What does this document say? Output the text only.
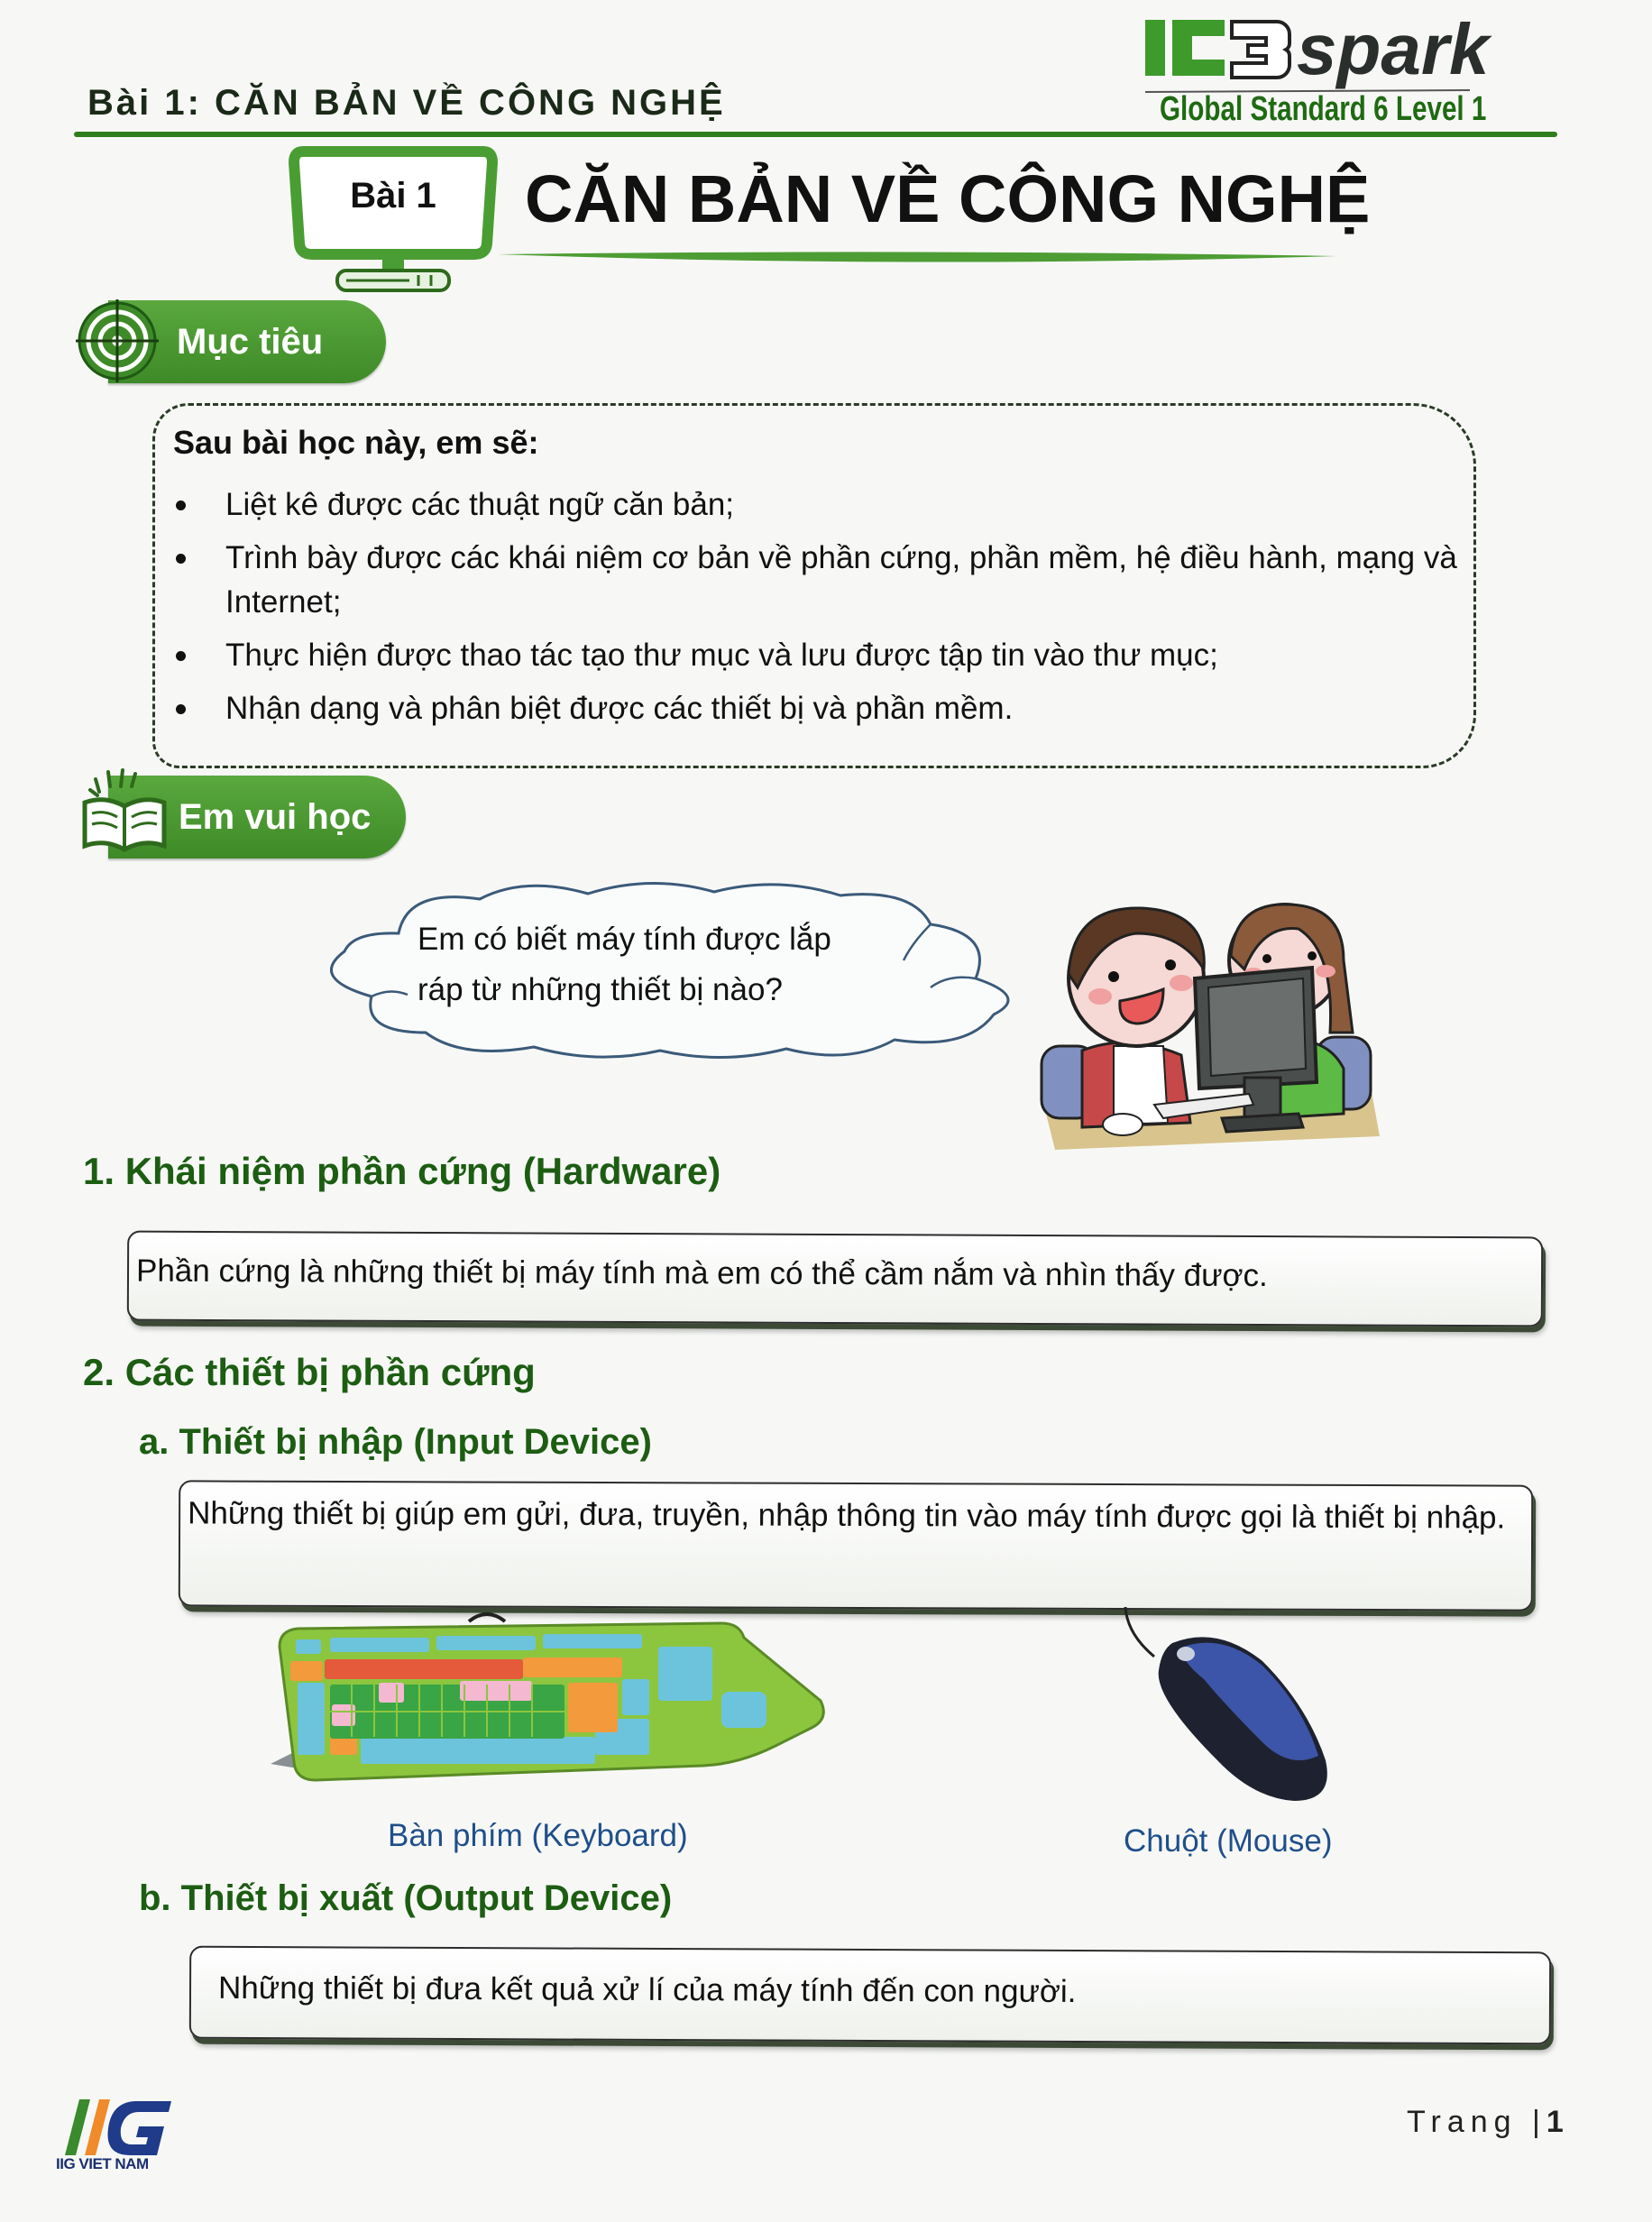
Bài 1: CĂN BẢN VỀ CÔNG NGHỆ
spark
Global Standard 6 Level 1
Bài 1	CĂN BẢN VỀ CÔNG NGHỆ
Mục tiêu
Sau bài học này, em sẽ:
Liệt kê được các thuật ngữ căn bản;
Trình bày được các khái niệm cơ bản về phần cứng, phần mềm, hệ điều hành, mạng và Internet;
Thực hiện được thao tác tạo thư mục và lưu được tập tin vào thư mục;
Nhận dạng và phân biệt được các thiết bị và phần mềm.
Em vui học
Em có biết máy tính được lắp
ráp từ những thiết bị nào?
1. Khái niệm phần cứng (Hardware)
Phần cứng là những thiết bị máy tính mà em có thể cầm nắm và nhìn thấy được.
2. Các thiết bị phần cứng
a. Thiết bị nhập (Input Device)
Những thiết bị giúp em gửi, đưa, truyền, nhập thông tin vào máy tính được gọi là thiết bị nhập.
Bàn phím (Keyboard)	Chuột (Mouse)
b. Thiết bị xuất (Output Device)
Những thiết bị đưa kết quả xử lí của máy tính đến con người.
IIG VIET NAM
Trang |1
